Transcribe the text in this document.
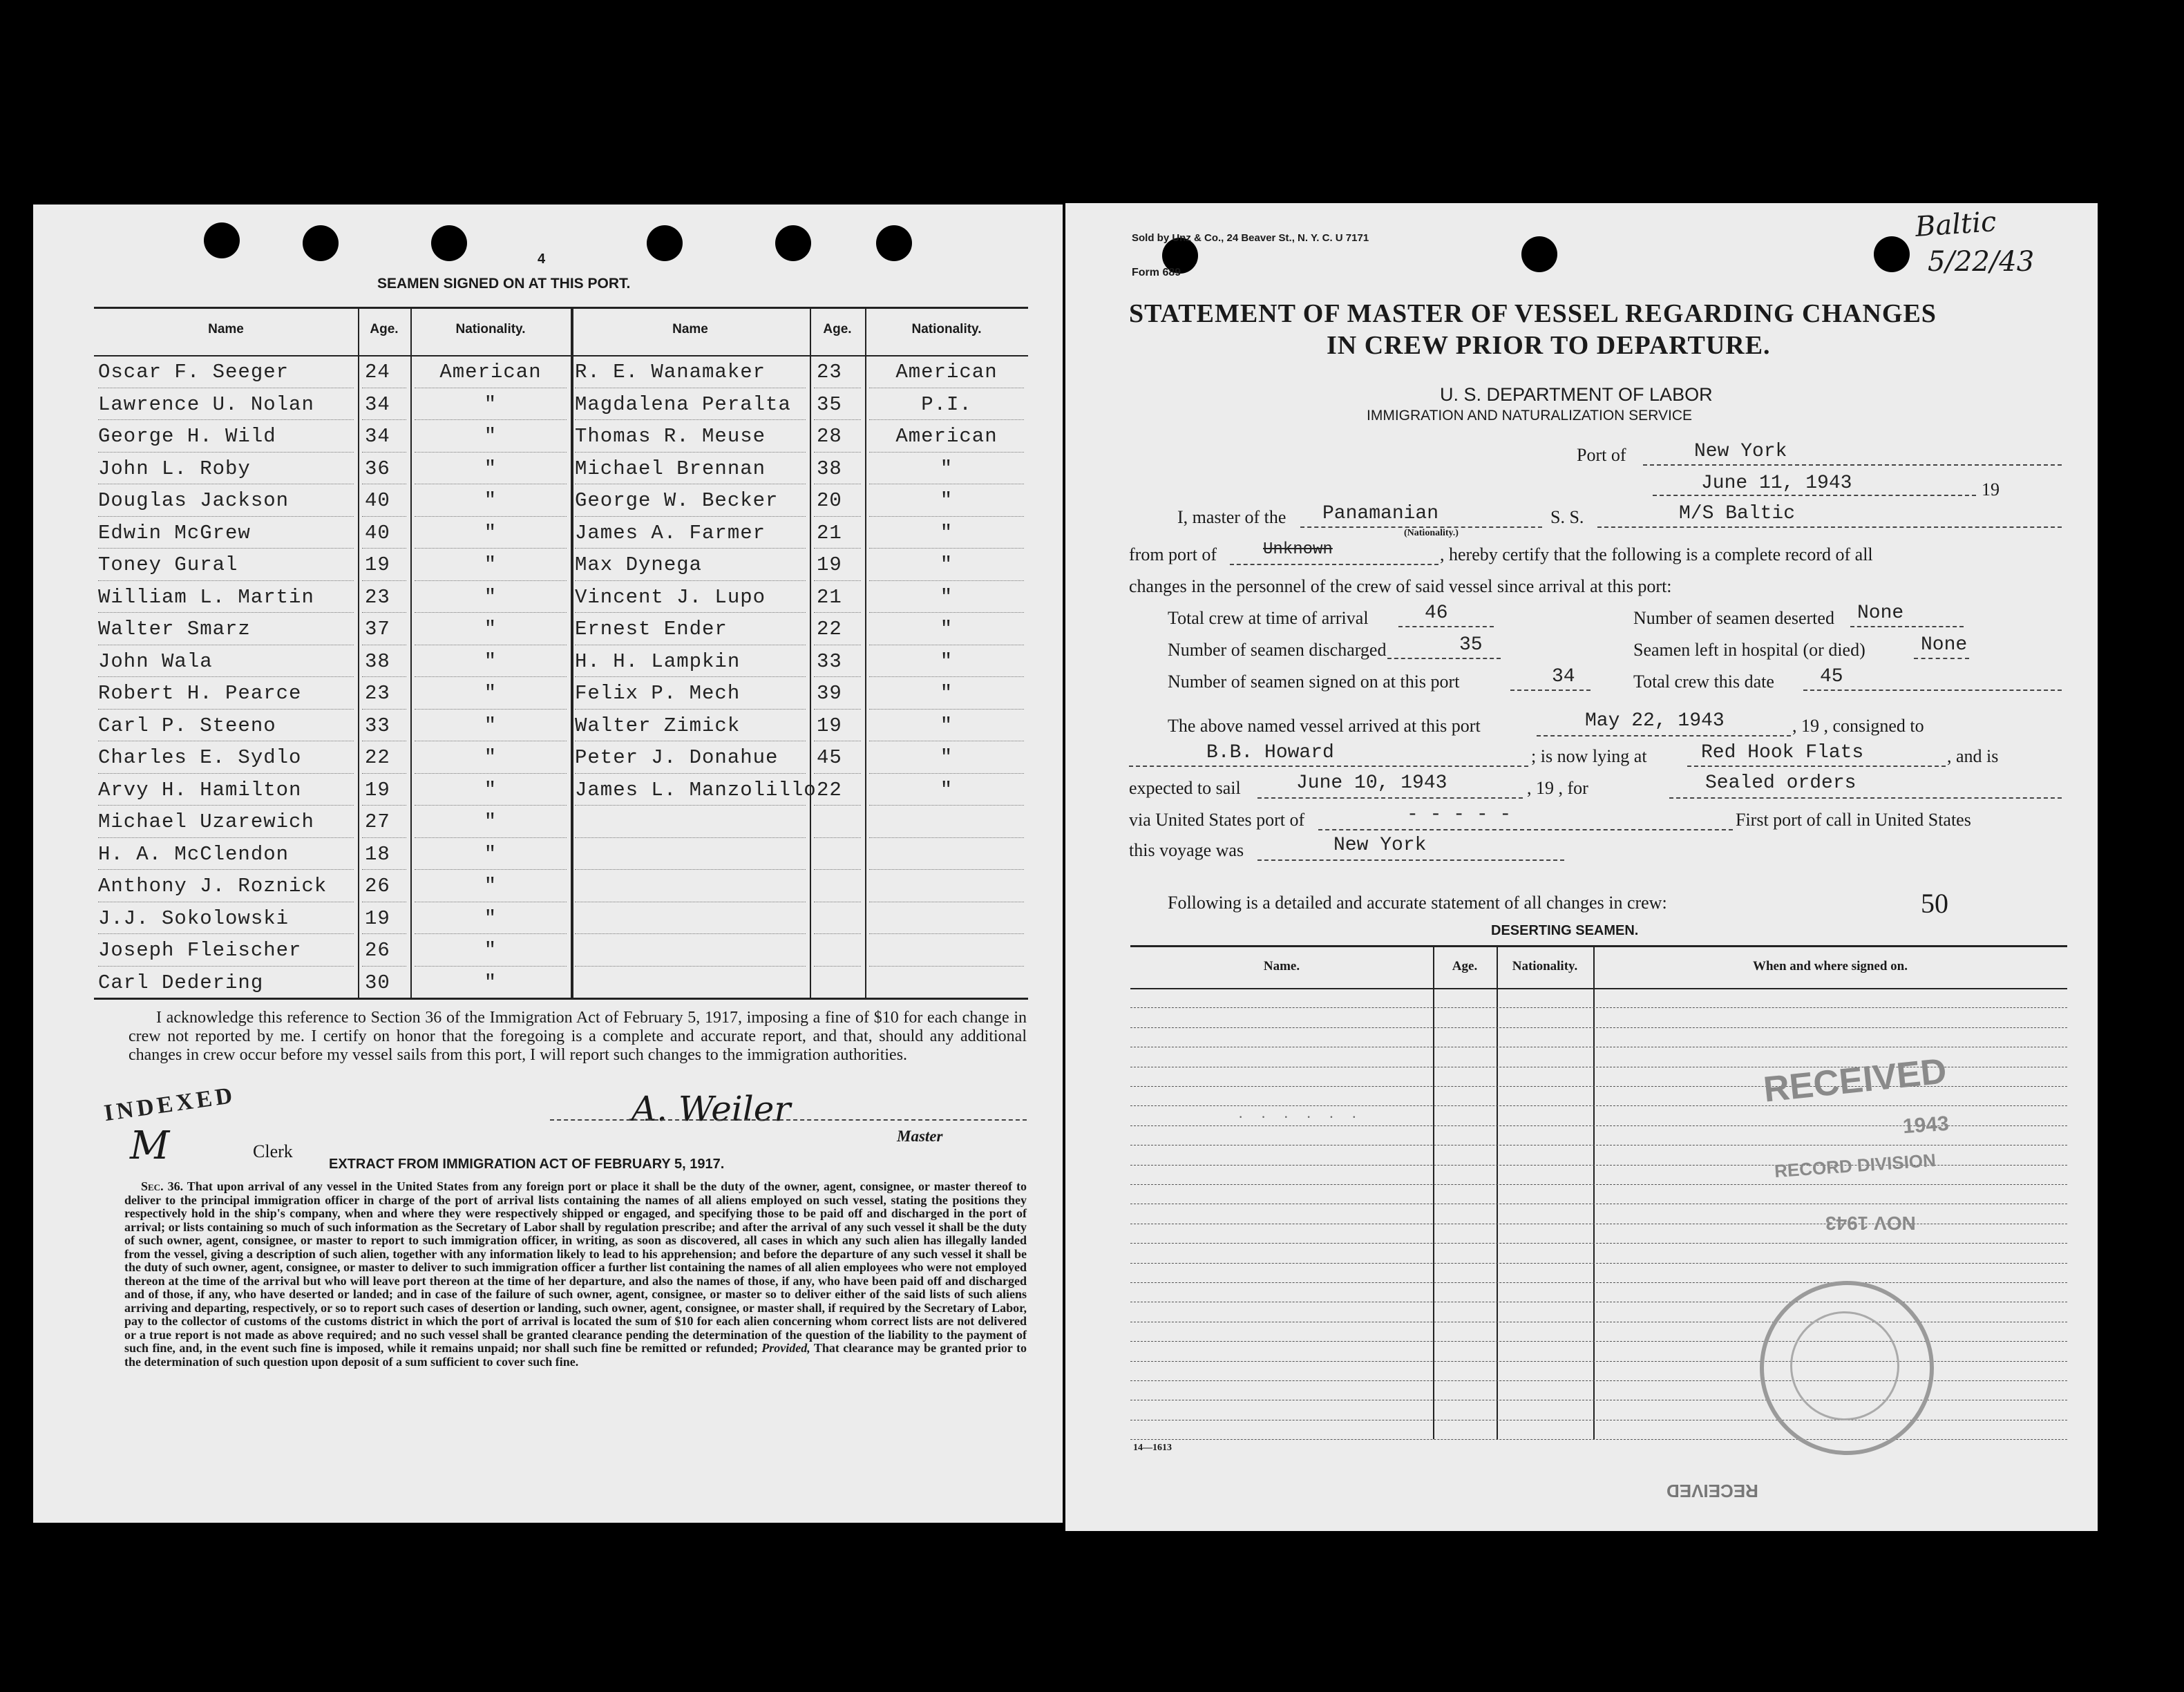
4
SEAMEN SIGNED ON AT THIS PORT.
Name	Age.	Nationality.	Name	Age.	Nationality.
Oscar F. Seeger	24	American
Lawrence U. Nolan	34	"
George H. Wild	34	"
John L. Roby	36	"
Douglas Jackson	40	"
Edwin McGrew	40	"
Toney Gural	19	"
William L. Martin	23	"
Walter Smarz	37	"
John Wala	38	"
Robert H. Pearce	23	"
Carl P. Steeno	33	"
Charles E. Sydlo	22	"
Arvy H. Hamilton	19	"
Michael Uzarewich	27	"
H. A. McClendon	18	"
Anthony J. Roznick 26	"
J.J. Sokolowski	19	"
Joseph Fleischer	26	"
Carl Dedering	30	"
R. E. Wanamaker	23	American
Magdalena Peralta 35	P.I.
Thomas R. Meuse	28	American
Michael Brennan	38	"
George W. Becker 20	"
James A. Farmer	21	"
Max Dynega	19	"
Vincent J. Lupo	21	"
Ernest Ender	22	"
H. H. Lampkin	33	"
Felix P. Mech	39	"
Walter Zimick	19	"
Peter J. Donahue 45	"
James L. Manzolillo 22	"
I acknowledge this reference to Section 36 of the Immigration Act of February 5, 1917, imposing a fine of $10 for each change in crew not reported by me. I certify on honor that the foregoing is a complete and accurate report, and that, should any additional changes in crew occur before my vessel sails from this port, I will report such changes to the immigration authorities.
INDEXED
M	Clerk
A. Weiler
Master
EXTRACT FROM IMMIGRATION ACT OF FEBRUARY 5, 1917.
Sec. 36. That upon arrival of any vessel in the United States from any foreign port or place it shall be the duty of the owner, agent, consignee, or master thereof to deliver to the principal immigration officer in charge of the port of arrival lists containing the names of all aliens employed on such vessel, stating the positions they respectively hold in the ship's company, when and where they were respectively shipped or engaged, and specifying those to be paid off and discharged in the port of arrival; or lists containing so much of such information as the Secretary of Labor shall by regulation prescribe; and after the arrival of any such vessel it shall be the duty of such owner, agent, consignee, or master to report to such immigration officer, in writing, as soon as discovered, all cases in which any such alien has illegally landed from the vessel, giving a description of such alien, together with any information likely to lead to his apprehension; and before the departure of any such vessel it shall be the duty of such owner, agent, consignee, or master to deliver to such immigration officer a further list containing the names of all alien employees who were not employed thereon at the time of the arrival but who will leave port thereon at the time of her departure, and also the names of those, if any, who have been paid off and discharged and of those, if any, who have deserted or landed; and in case of the failure of such owner, agent, consignee, or master so to deliver either of the said lists of such aliens arriving and departing, respectively, or so to report such cases of desertion or landing, such owner, agent, consignee, or master shall, if required by the Secretary of Labor, pay to the collector of customs of the customs district in which the port of arrival is located the sum of $10 for each alien concerning whom correct lists are not delivered or a true report is not made as above required; and no such vessel shall be granted clearance pending the determination of the question of the liability to the payment of such fine, and, in the event such fine is imposed, while it remains unpaid; nor shall such fine be remitted or refunded; Provided, That clearance may be granted prior to the determination of such question upon deposit of a sum sufficient to cover such fine.
Sold by Unz & Co., 24 Beaver St., N. Y. C. U 7171
Form 689
Baltic
5/22/43
STATEMENT OF MASTER OF VESSEL REGARDING CHANGES
IN CREW PRIOR TO DEPARTURE.
U. S. DEPARTMENT OF LABOR
IMMIGRATION AND NATURALIZATION SERVICE
Port of	New York
June 11, 1943	19
I, master of the Panamanian
(Nationality.)
S. S.	M/S Baltic
from port of	Unknown	, hereby certify that the following is a complete record of all
changes in the personnel of the crew of said vessel since arrival at this port:
Total crew at time of arrival	46	Number of seamen deserted None
Number of seamen discharged	35	Seamen left in hospital (or died)	None
Number of seamen signed on at this port	34	Total crew this date 45
The above named vessel arrived at this port	May 22, 1943	, 19 , consigned to
B.B. Howard	; is now lying at	Red Hook Flats	, and is
expected to sail	June 10, 1943	, 19 , for	Sealed orders
via United States port of	- - - - -	First port of call in United States
this voyage was	New York
Following is a detailed and accurate statement of all changes in crew:	50
DESERTING SEAMEN.
Name.	Age.	Nationality.	When and where signed on.
· · · · · ·
RECEIVED
1943
RECORD DIVISION
NOV 1943
RECEIVED
14—1613
